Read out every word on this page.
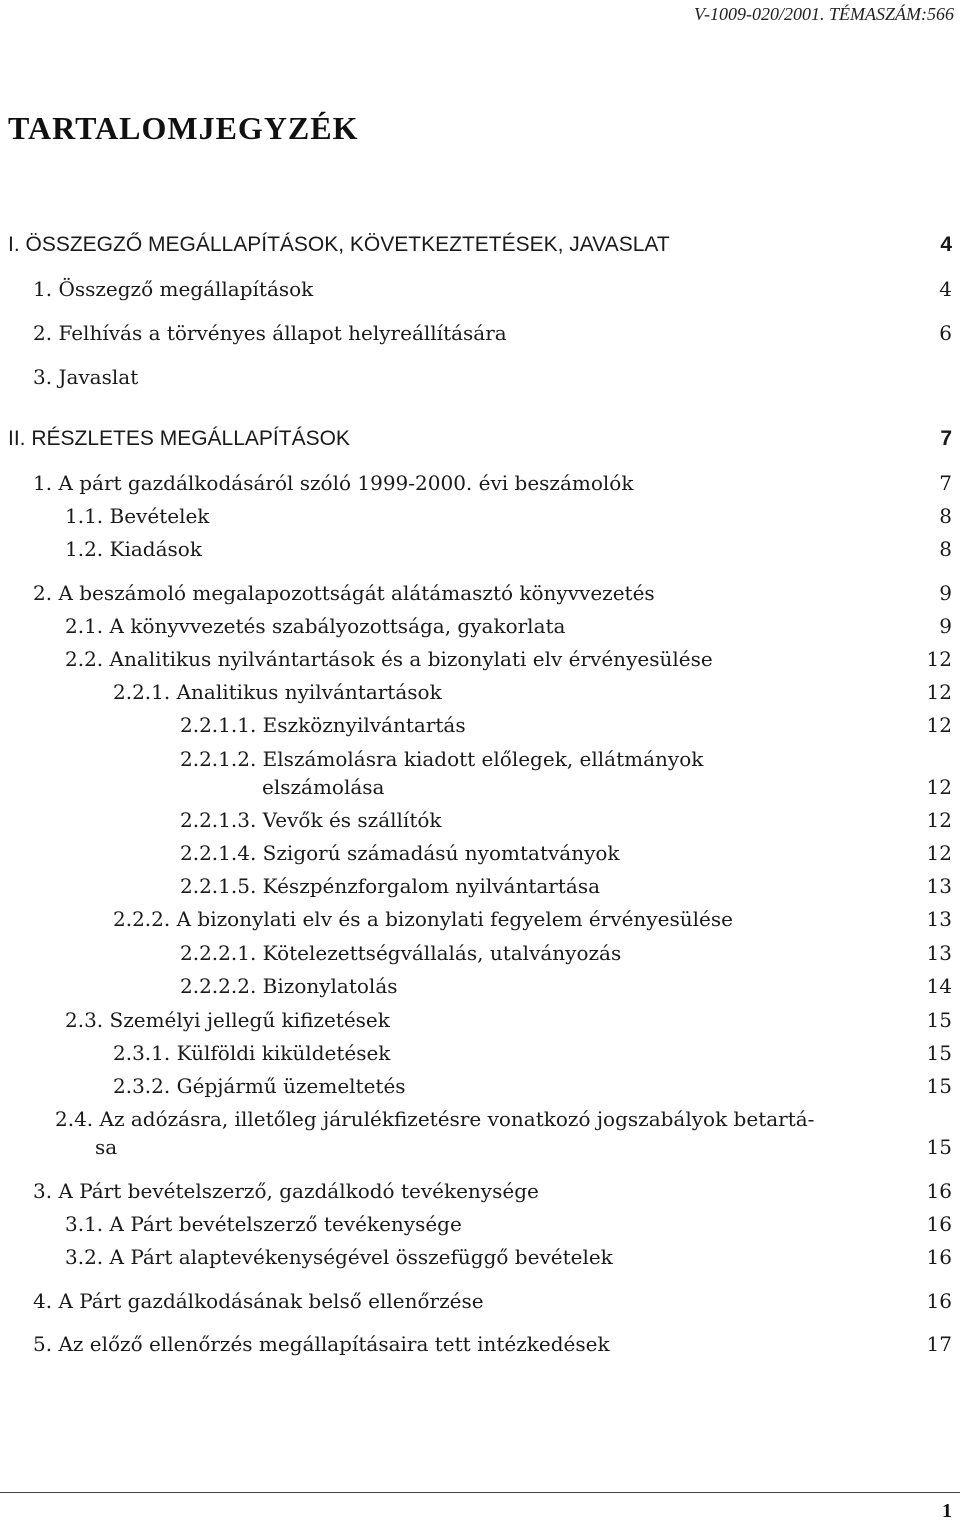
V-1009-020/2001. TÉMASZÁM:566
TARTALOMJEGYZÉK
I. ÖSSZEGZŐ MEGÁLLAPÍTÁSOK, KÖVETKEZTETÉSEK, JAVASLAT	4
1. Összegző megállapítások	4
2. Felhívás a törvényes állapot helyreállítására	6
3. Javaslat
II. RÉSZLETES MEGÁLLAPÍTÁSOK	7
1. A párt gazdálkodásáról szóló 1999-2000. évi beszámolók	7
1.1. Bevételek	8
1.2. Kiadások	8
2. A beszámoló megalapozottságát alátámasztó könyvvezetés	9
2.1. A könyvvezetés szabályozottsága, gyakorlata	9
2.2. Analitikus nyilvántartások és a bizonylati elv érvényesülése	12
2.2.1. Analitikus nyilvántartások	12
2.2.1.1. Eszköznyilvántartás	12
2.2.1.2. Elszámolásra kiadott előlegek, ellátmányok
elszámolása	12
2.2.1.3. Vevők és szállítók	12
2.2.1.4. Szigorú számadású nyomtatványok	12
2.2.1.5. Készpénzforgalom nyilvántartása	13
2.2.2. A bizonylati elv és a bizonylati fegyelem érvényesülése	13
2.2.2.1. Kötelezettségvállalás, utalványozás	13
2.2.2.2. Bizonylatolás	14
2.3. Személyi jellegű kifizetések	15
2.3.1. Külföldi kiküldetések	15
2.3.2. Gépjármű üzemeltetés	15
2.4. Az adózásra, illetőleg járulékfizetésre vonatkozó jogszabályok betartá-
sa	15
3. A Párt bevételszerző, gazdálkodó tevékenysége	16
3.1. A Párt bevételszerző tevékenysége	16
3.2. A Párt alaptevékenységével összefüggő bevételek	16
4. A Párt gazdálkodásának belső ellenőrzése	16
5. Az előző ellenőrzés megállapításaira tett intézkedések	17
1
